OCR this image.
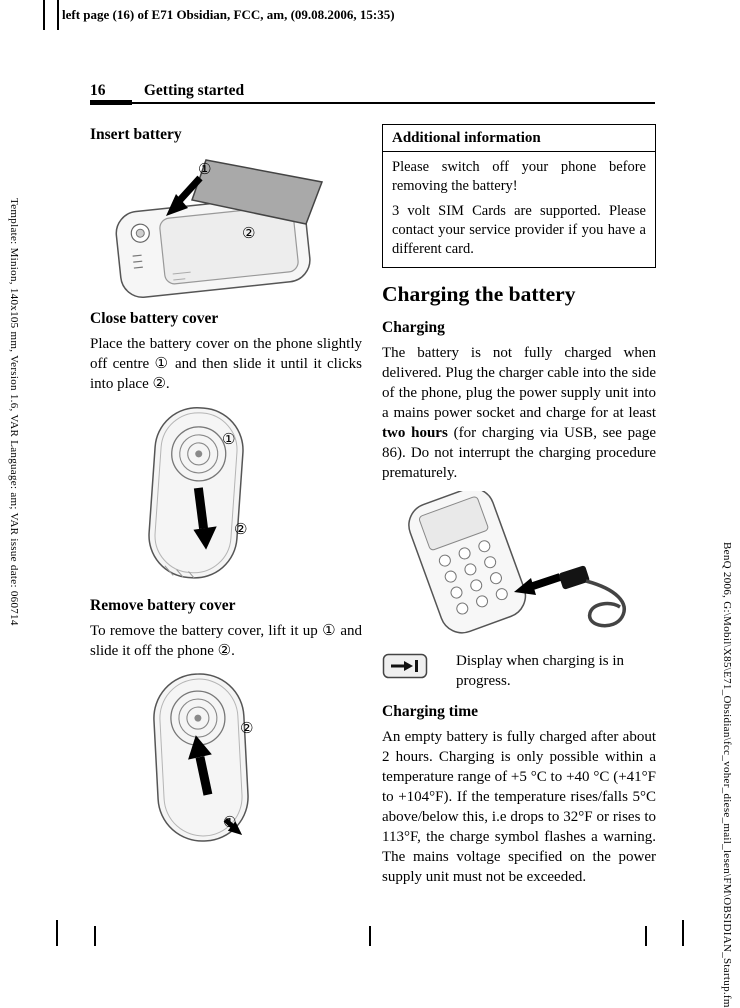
left page (16) of E71 Obsidian, FCC, am, (09.08.2006, 15:35)
Template: Minion, 140x105 mm, Version 1.6, VAR Language: am; VAR issue date: 060714
BenQ 2006, G:\Mobil\X85\E71_Obsidian\fcc_voher_diese_mail_lesen\FM\OBSIDIAN_Startup.fm
16 Getting started
Insert battery
①
②
Close battery cover

Place the battery cover on the phone slightly off centre ① and then slide it until it clicks into place ②.

①
②
Remove battery cover

To remove the battery cover, lift it up ① and slide it off the phone ②.

②
①
Additional information

Please switch off your phone before removing the battery!

3 volt SIM Cards are supported. Please contact your service provider if you have a different card.

Charging the battery
Charging

The battery is not fully charged when delivered. Plug the charger cable into the side of the phone, plug the power supply unit into a mains power socket and charge for at least two hours (for charging via USB, see page 86). Do not interrupt the charging procedure prematurely.

Display when charging is in progress.
Charging time

An empty battery is fully charged after about 2 hours. Charging is only possible within a temperature range of +5 °C to +40 °C (+41°F to +104°F). If the temperature rises/falls 5°C above/below this, i.e drops to 32°F or rises to 113°F, the charge symbol flashes a warning. The mains voltage specified on the power supply unit must not be exceeded.
